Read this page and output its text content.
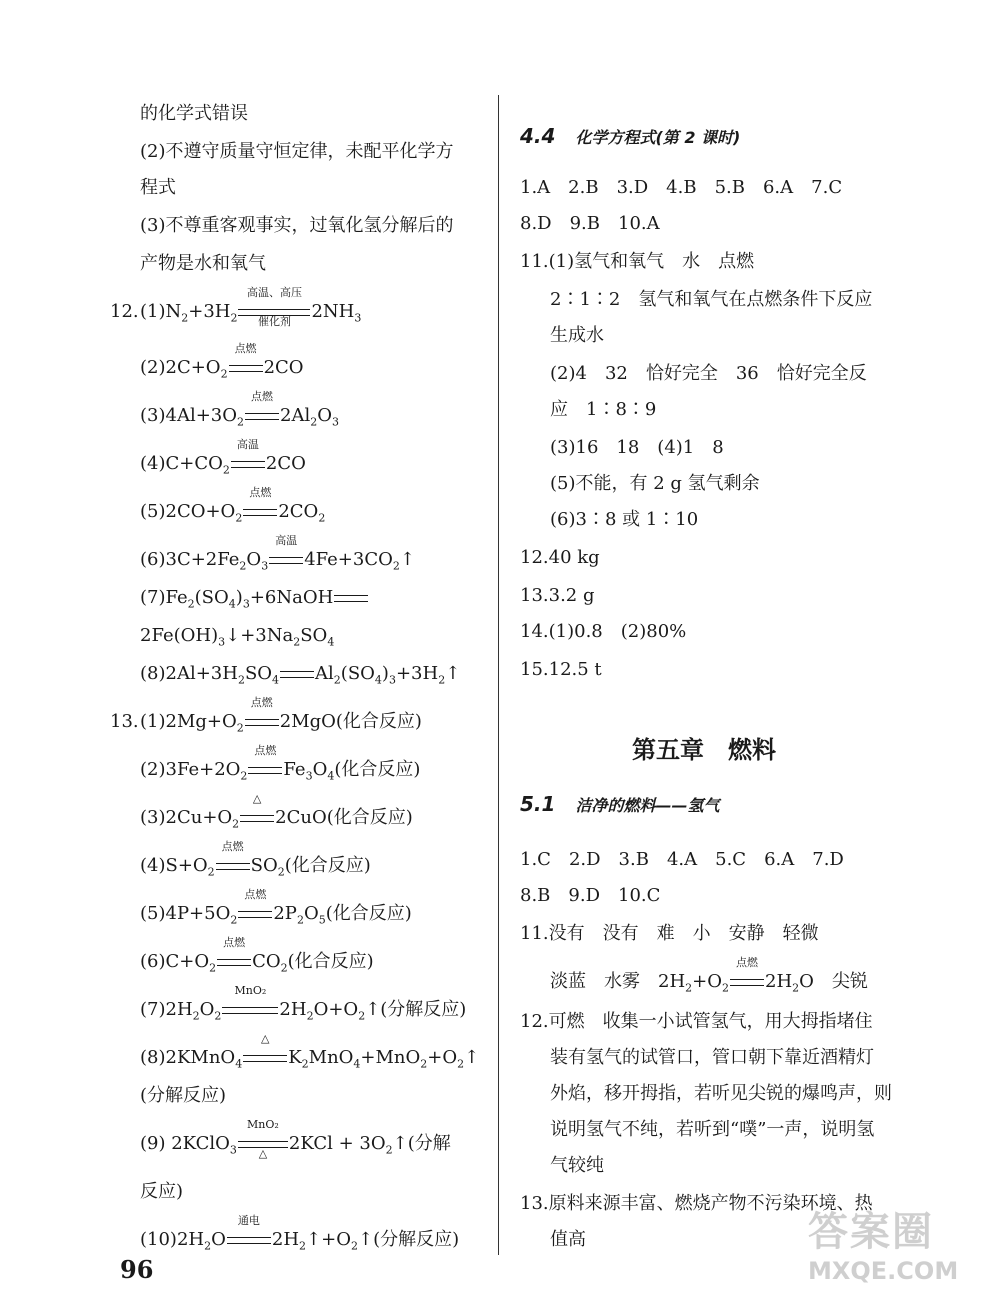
的化学式错误
(2)不遵守质量守恒定律，未配平化学方
程式
(3)不尊重客观事实，过氧化氢分解后的
产物是水和氧气
12. $(1)N_2+3H_2$
高温、高压
催化剂	$2NH_3$
$(2)2C+O_2$
点燃
2CO
$(3)4Al+3O_2$
点燃
$2Al_2O_3$
$(4)C+CO_2$
高温
2CO
$(5)2CO+O_2$
点燃
$2CO_2$
$(6)3C+2Fe_2O_3$
高温
$4Fe+3CO_2↑$
$(7)Fe_2(SO_4)_3+6NaOH$
$2Fe(OH)_3↓+3Na_2SO_4$
$(8)2Al+3H_2SO_4$ $Al_2(SO_4)_3+3H_2↑$
13. $(1)2Mg+O_2$
点燃
2MgO(化合反应)
$(2)3Fe+2O_2$
点燃
$Fe_3O_4$(化合反应)
$(3)2Cu+O_2$
△
2CuO(化合反应)
$(4)S+O_2$
点燃
$SO_2$(化合反应)
$(5)4P+5O_2$
点燃
$2P_2O_5$(化合反应)
$(6)C+O_2$
点燃
$CO_2$(化合反应)
$(7)2H_2O_2$
MnO₂
$2H_2O+O_2↑$(分解反应)
(8)2KMnO$_4$
△
$K_2MnO_4+MnO_2+O_2↑$
(分解反应)
(9) 2KClO$_3$
MnO₂
△	$2KCl + 3O_2↑$(分解
反应)
$(10)2H_2O$
通电
$2H_2↑+O_2↑$(分解反应)
96
4.4 化学方程式(第 2 课时)
1.A　2.B　3.D　4.B　5.B　6.A　7.C
8.D　9.B　10.A
11.(1)氢气和氧气　水　点燃
2∶1∶2　氢气和氧气在点燃条件下反应
生成水
(2)4　32　恰好完全　36　恰好完全反
应　1∶8∶9
(3)16　18　(4)1　8
(5)不能，有 2 g 氢气剩余
(6)3∶8 或 1∶10
12.40 kg
13.3.2 g
14.(1)0.8　(2)80%
15.12.5 t
第五章　燃料
5.1 洁净的燃料——氢气
1.C　2.D　3.B　4.A　5.C　6.A　7.D
8.B　9.D　10.C
11.没有　没有　难　小　安静　轻微
淡蓝　水雾　$2H_2+O_2$
点燃
$2H_2O$　尖锐
12.可燃　收集一小试管氢气，用大拇指堵住
装有氢气的试管口，管口朝下靠近酒精灯
外焰，移开拇指，若听见尖锐的爆鸣声，则
说明氢气不纯，若听到“噗”一声，说明氢
气较纯
13.原料来源丰富、燃烧产物不污染环境、热
值高	答案圈
MXQE.COM
